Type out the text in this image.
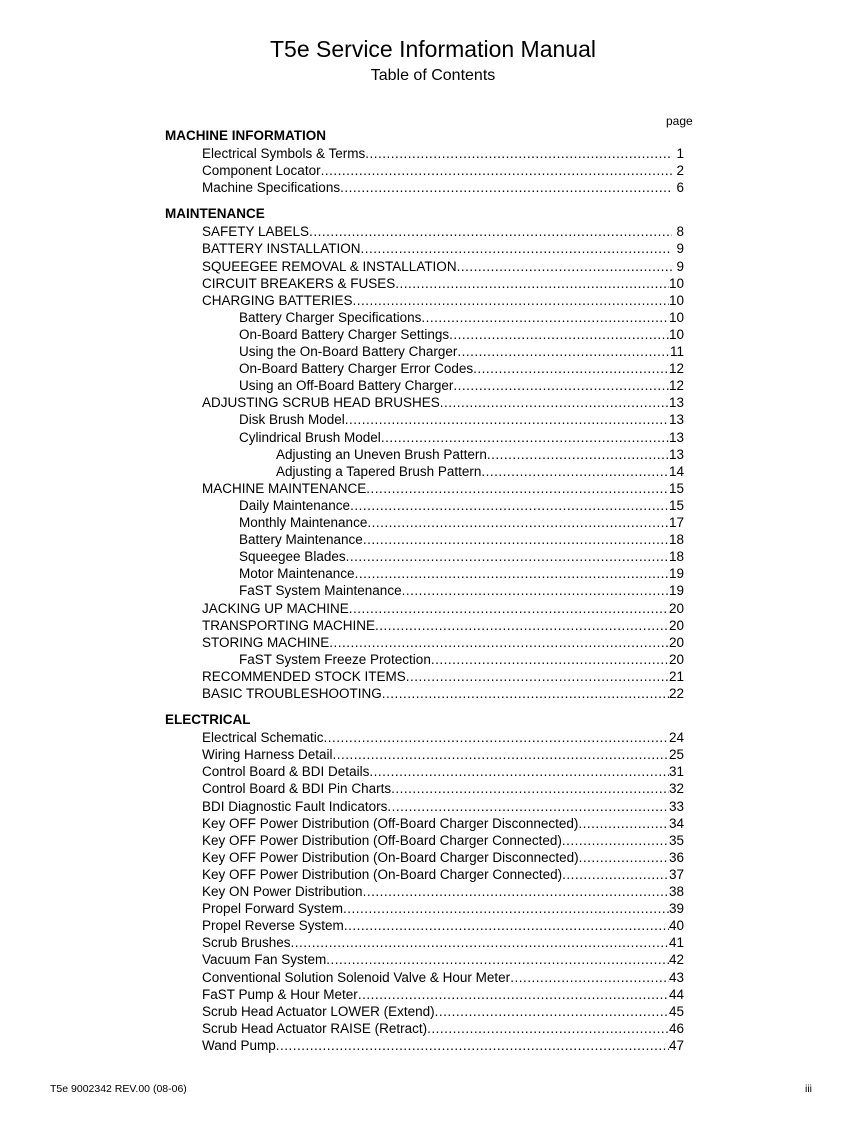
T5e Service Information Manual
Table of Contents
page
MACHINE INFORMATION
Electrical Symbols & Terms .....	1
Component Locator .....	2
Machine Specifications .....	6
MAINTENANCE
SAFETY LABELS .....	8
BATTERY INSTALLATION .....	9
SQUEEGEE REMOVAL & INSTALLATION .....	9
CIRCUIT BREAKERS & FUSES .....	10
CHARGING BATTERIES .....	10
Battery Charger Specifications .....	10
On-Board Battery Charger Settings .....	10
Using the On-Board Battery Charger .....	11
On-Board Battery Charger Error Codes .....	12
Using an Off-Board Battery Charger .....	12
ADJUSTING SCRUB HEAD BRUSHES .....	13
Disk Brush Model .....	13
Cylindrical Brush Model .....	13
Adjusting an Uneven Brush Pattern .....	13
Adjusting a Tapered Brush Pattern .....	14
MACHINE MAINTENANCE .....	15
Daily Maintenance .....	15
Monthly Maintenance .....	17
Battery Maintenance .....	18
Squeegee Blades .....	18
Motor Maintenance .....	19
FaST System Maintenance .....	19
JACKING UP MACHINE .....	20
TRANSPORTING MACHINE .....	20
STORING MACHINE .....	20
FaST System Freeze Protection .....	20
RECOMMENDED STOCK ITEMS .....	21
BASIC TROUBLESHOOTING .....	22
ELECTRICAL
Electrical Schematic .....	24
Wiring Harness Detail .....	25
Control Board & BDI Details .....	31
Control Board & BDI Pin Charts .....	32
BDI Diagnostic Fault Indicators .....	33
Key OFF Power Distribution (Off-Board Charger Disconnected) .....	34
Key OFF Power Distribution (Off-Board Charger Connected) .....	35
Key OFF Power Distribution (On-Board Charger Disconnected) .....	36
Key OFF Power Distribution (On-Board Charger Connected) .....	37
Key ON Power Distribution .....	38
Propel Forward System .....	39
Propel Reverse System .....	40
Scrub Brushes .....	41
Vacuum Fan System .....	42
Conventional Solution Solenoid Valve & Hour Meter .....	43
FaST Pump & Hour Meter .....	44
Scrub Head Actuator LOWER (Extend) .....	45
Scrub Head Actuator RAISE (Retract) .....	46
Wand Pump .....	47
T5e 9002342 REV.00 (08-06)	iii
